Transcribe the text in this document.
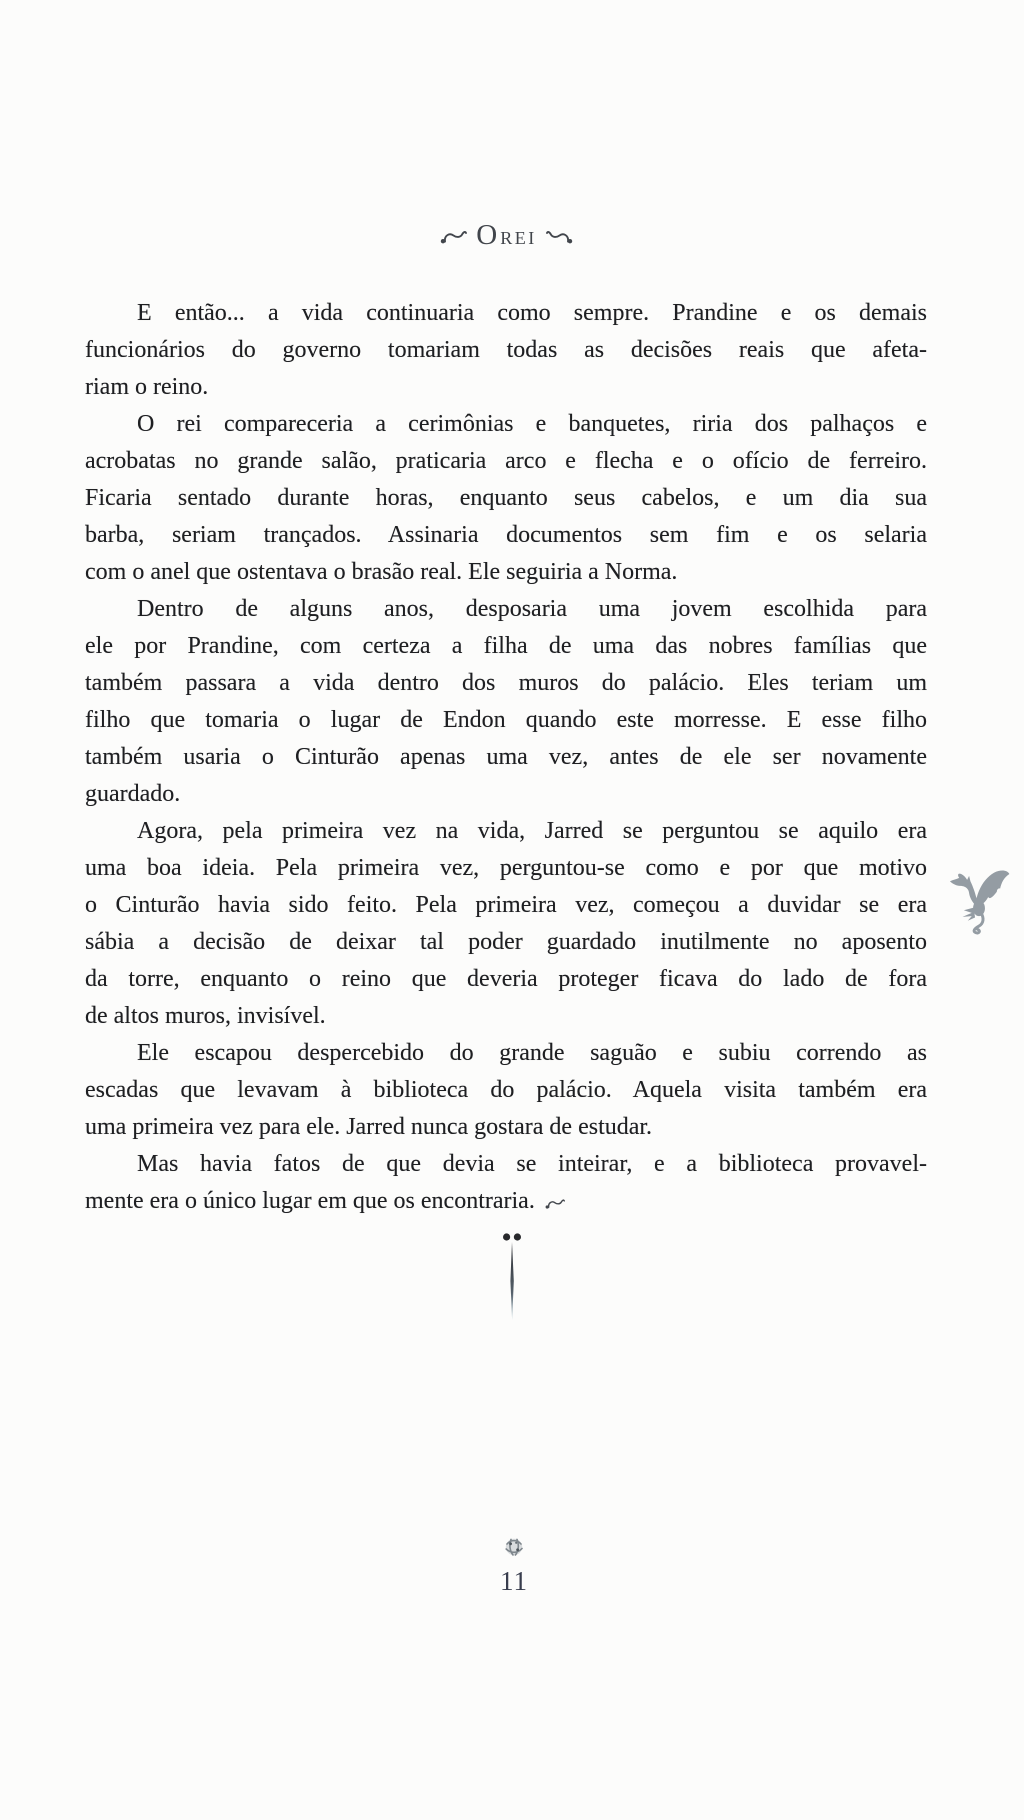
OREI
E então... a vida continuaria como sempre. Prandine e os demais
funcionários do governo tomariam todas as decisões reais que afeta-
riam o reino.
O rei compareceria a cerimônias e banquetes, riria dos palhaços e
acrobatas no grande salão, praticaria arco e flecha e o ofício de ferreiro.
Ficaria sentado durante horas, enquanto seus cabelos, e um dia sua
barba, seriam trançados. Assinaria documentos sem fim e os selaria
com o anel que ostentava o brasão real. Ele seguiria a Norma.
Dentro de alguns anos, desposaria uma jovem escolhida para
ele por Prandine, com certeza a filha de uma das nobres famílias que
também passara a vida dentro dos muros do palácio. Eles teriam um
filho que tomaria o lugar de Endon quando este morresse. E esse filho
também usaria o Cinturão apenas uma vez, antes de ele ser novamente
guardado.
Agora, pela primeira vez na vida, Jarred se perguntou se aquilo era
uma boa ideia. Pela primeira vez, perguntou-se como e por que motivo
o Cinturão havia sido feito. Pela primeira vez, começou a duvidar se era
sábia a decisão de deixar tal poder guardado inutilmente no aposento
da torre, enquanto o reino que deveria proteger ficava do lado de fora
de altos muros, invisível.
Ele escapou despercebido do grande saguão e subiu correndo as
escadas que levavam à biblioteca do palácio. Aquela visita também era
uma primeira vez para ele. Jarred nunca gostara de estudar.
Mas havia fatos de que devia se inteirar, e a biblioteca provavel-
mente era o único lugar em que os encontraria.
11
